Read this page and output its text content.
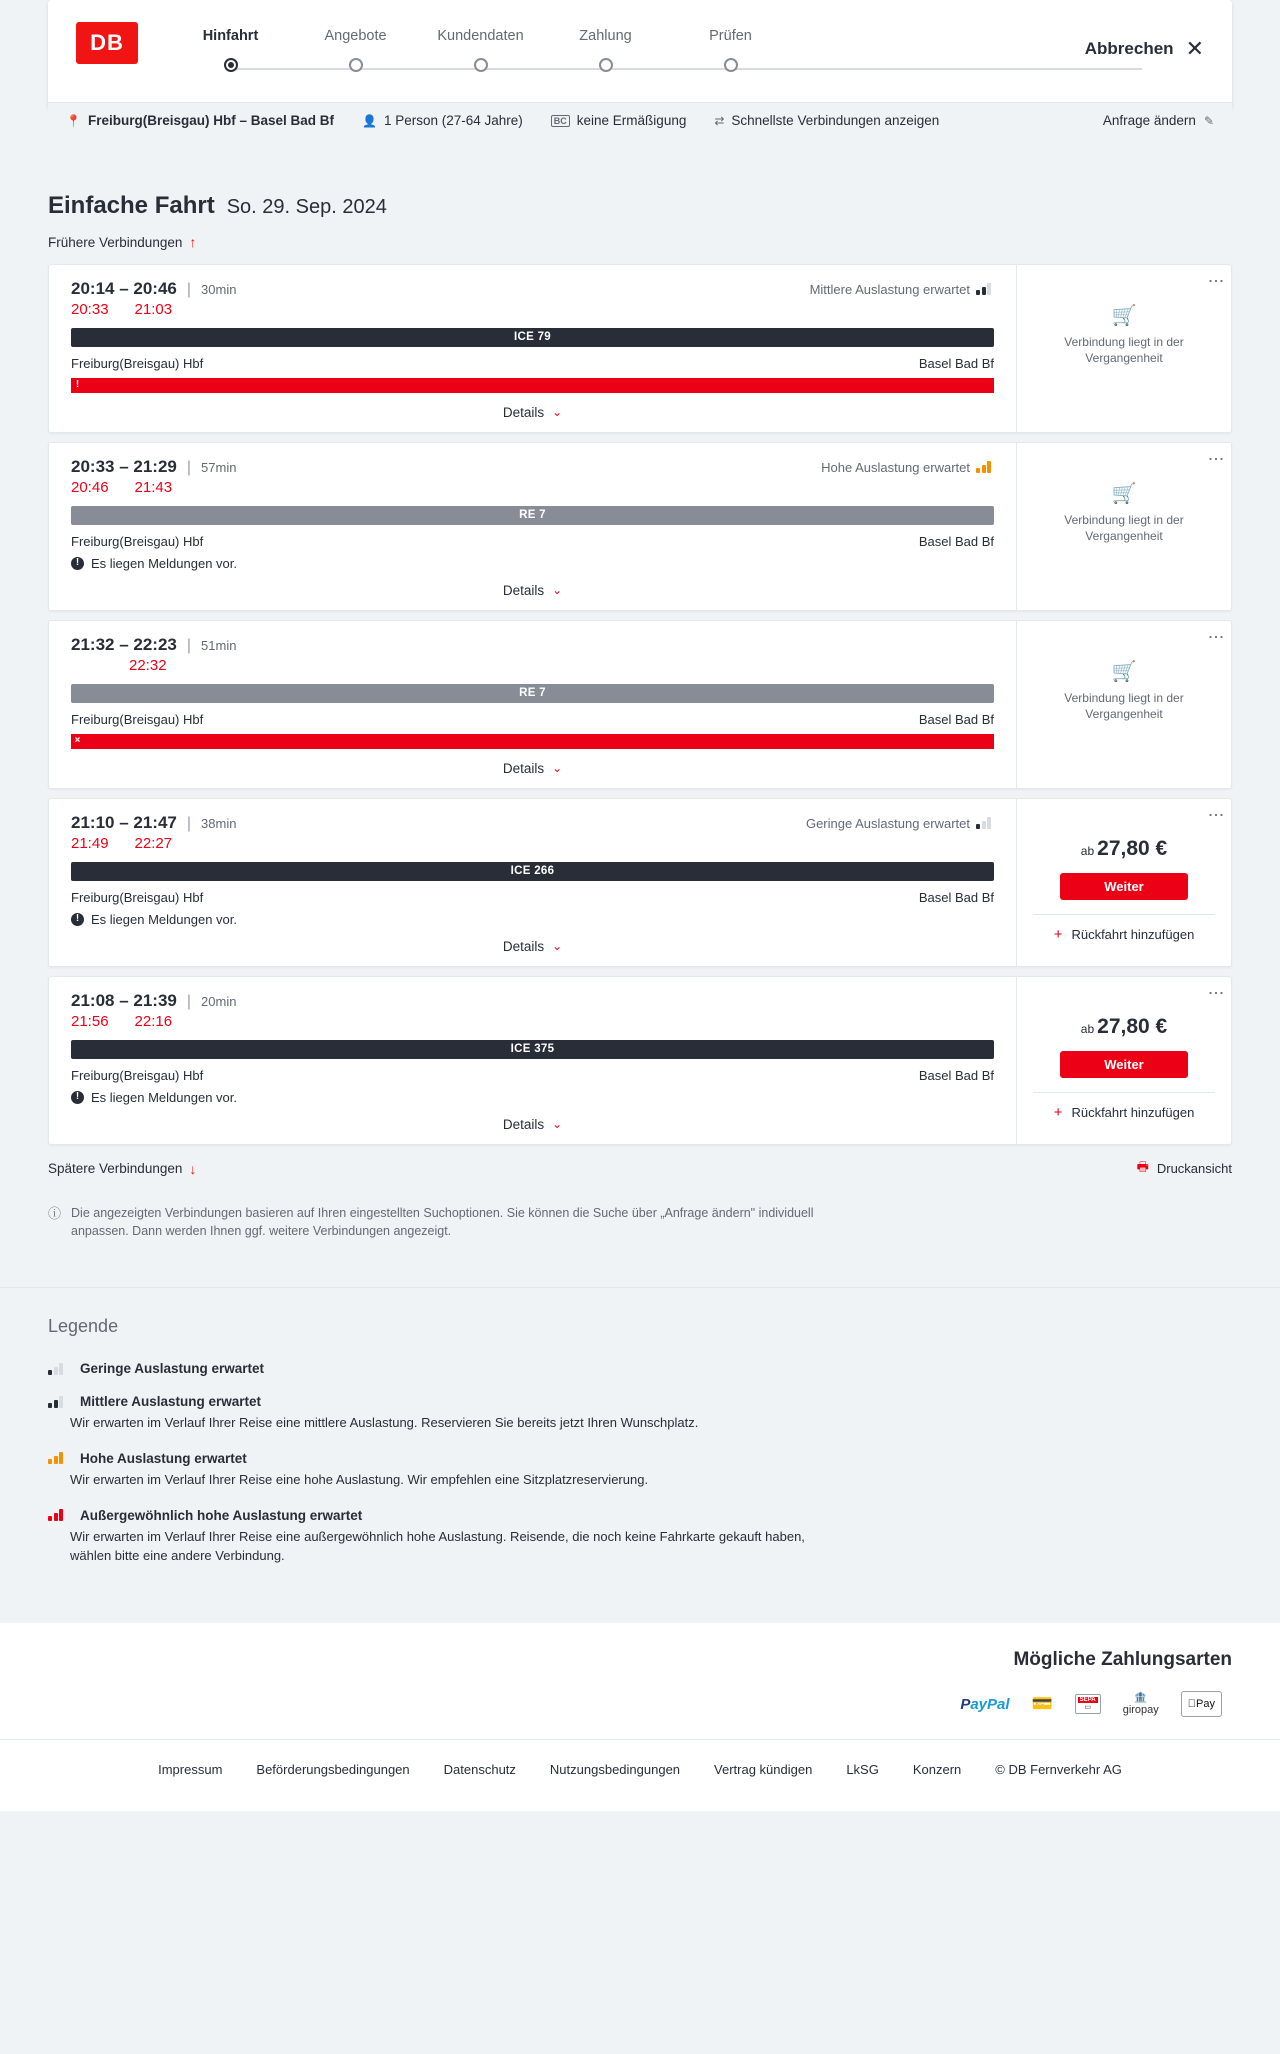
DB	Hinfahrt	Angebote	Kundendaten	Zahlung	Prüfen
Abbrechen ✕
📍 Freiburg(Breisgau) Hbf – Basel Bad Bf 👤 1 Person (27-64 Jahre)	BC keine Ermäßigung ⇄ Schnellste Verbindungen anzeigen	Anfrage ändern ✎
Einfache Fahrt So. 29. Sep. 2024
Frühere Verbindungen ↑
20:14 – 20:46 | 30min	Mittlere Auslastung erwartet
20:33 21:03
ICE 79
Freiburg(Breisgau) Hbf	Basel Bad Bf
! Es liegen Meldungen vor.
Details ⌄
⋮
🛒
Verbindung liegt in der Vergangenheit
20:33 – 21:29 | 57min	Hohe Auslastung erwartet
20:46 21:43
RE 7
Freiburg(Breisgau) Hbf	Basel Bad Bf
! Es liegen Meldungen vor.
Details ⌄
⋮
🛒
Verbindung liegt in der Vergangenheit
21:32 – 22:23 | 51min
22:32
RE 7
Freiburg(Breisgau) Hbf	Basel Bad Bf
× Verbindung fällt aus
Details ⌄
⋮
🛒
Verbindung liegt in der Vergangenheit
21:10 – 21:47 | 38min	Geringe Auslastung erwartet
21:49 22:27
ICE 266
Freiburg(Breisgau) Hbf	Basel Bad Bf
! Es liegen Meldungen vor.
Details ⌄
⋮
ab 27,80 €
Weiter
+ Rückfahrt hinzufügen
21:08 – 21:39 | 20min
21:56 22:16
ICE 375
Freiburg(Breisgau) Hbf	Basel Bad Bf
! Es liegen Meldungen vor.
Details ⌄
⋮
ab 27,80 €
Weiter
+ Rückfahrt hinzufügen
Spätere Verbindungen ↓	🖶 Druckansicht
ⓘ Die angezeigten Verbindungen basieren auf Ihren eingestellten Suchoptionen. Sie können die Suche über „Anfrage ändern" individuell anpassen. Dann werden Ihnen ggf. weitere Verbindungen angezeigt.
Legende
Geringe Auslastung erwartet
Mittlere Auslastung erwartet
Wir erwarten im Verlauf Ihrer Reise eine mittlere Auslastung. Reservieren Sie bereits jetzt Ihren Wunschplatz.
Hohe Auslastung erwartet
Wir erwarten im Verlauf Ihrer Reise eine hohe Auslastung. Wir empfehlen eine Sitzplatzreservierung.
Außergewöhnlich hohe Auslastung erwartet
Wir erwarten im Verlauf Ihrer Reise eine außergewöhnlich hohe Auslastung. Reisende, die noch keine Fahrkarte gekauft haben, wählen bitte eine andere Verbindung.
Mögliche Zahlungsarten
P ayPal	💳	SEPA
▭
🏦
giropay	Pay
Impressum	Beförderungsbedingungen	Datenschutz	Nutzungsbedingungen	Vertrag kündigen	LkSG	Konzern	© DB Fernverkehr AG
